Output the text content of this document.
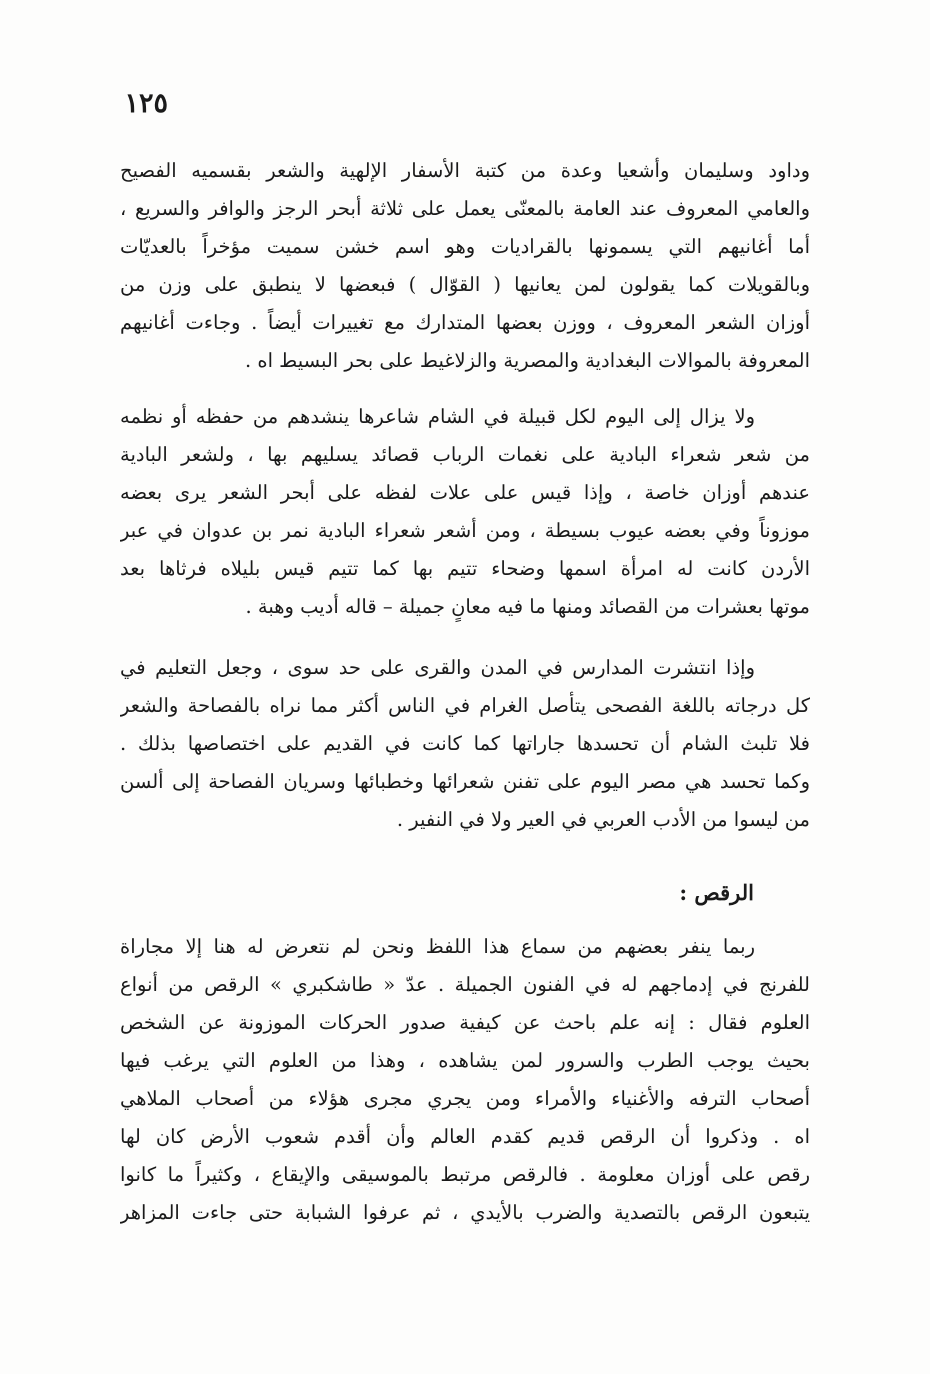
١٢٥
وداود وسليمان وأشعيا وعدة من كتبة الأسفار الإلهية والشعر بقسميه الفصيح
والعامي المعروف عند العامة بالمعنّى يعمل على ثلاثة أبحر الرجز والوافر والسريع ،
أما أغانيهم التي يسمونها بالقراديات وهو اسم خشن سميت مؤخراً بالعديّات
وبالقويلات كما يقولون لمن يعانيها ( القوّال ) فبعضها لا ينطبق على وزن من
أوزان الشعر المعروف ، ووزن بعضها المتدارك مع تغييرات أيضاً . وجاءت أغانيهم
المعروفة بالموالات البغدادية والمصرية والزلاغيط على بحر البسيط اه .
ولا يزال إلى اليوم لكل قبيلة في الشام شاعرها ينشدهم من حفظه أو نظمه
من شعر شعراء البادية على نغمات الرباب قصائد يسليهم بها ، ولشعر البادية
عندهم أوزان خاصة ، وإذا قيس على علات لفظه على أبحر الشعر يرى بعضه
موزوناً وفي بعضه عيوب بسيطة ، ومن أشعر شعراء البادية نمر بن عدوان في عبر
الأردن كانت له امرأة اسمها وضحاء تتيم بها كما تتيم قيس بليلاه فرثاها بعد
موتها بعشرات من القصائد ومنها ما فيه معانٍ جميلة – قاله أديب وهبة .
وإذا انتشرت المدارس في المدن والقرى على حد سوى ، وجعل التعليم في
كل درجاته باللغة الفصحى يتأصل الغرام في الناس أكثر مما نراه بالفصاحة والشعر
فلا تلبث الشام أن تحسدها جاراتها كما كانت في القديم على اختصاصها بذلك .
وكما تحسد هي مصر اليوم على تفنن شعرائها وخطبائها وسريان الفصاحة إلى ألسن
من ليسوا من الأدب العربي في العير ولا في النفير .
الرقص :
ربما ينفر بعضهم من سماع هذا اللفظ ونحن لم نتعرض له هنا إلا مجاراة
للفرنج في إدماجهم له في الفنون الجميلة . عدّ « طاشكبري » الرقص من أنواع
العلوم فقال : إنه علم باحث عن كيفية صدور الحركات الموزونة عن الشخص
بحيث يوجب الطرب والسرور لمن يشاهده ، وهذا من العلوم التي يرغب فيها
أصحاب الترفه والأغنياء والأمراء ومن يجري مجرى هؤلاء من أصحاب الملاهي
اه . وذكروا أن الرقص قديم كقدم العالم وأن أقدم شعوب الأرض كان لها
رقص على أوزان معلومة . فالرقص مرتبط بالموسيقى والإيقاع ، وكثيراً ما كانوا
يتبعون الرقص بالتصدية والضرب بالأيدي ، ثم عرفوا الشبابة حتى جاءت المزاهر
